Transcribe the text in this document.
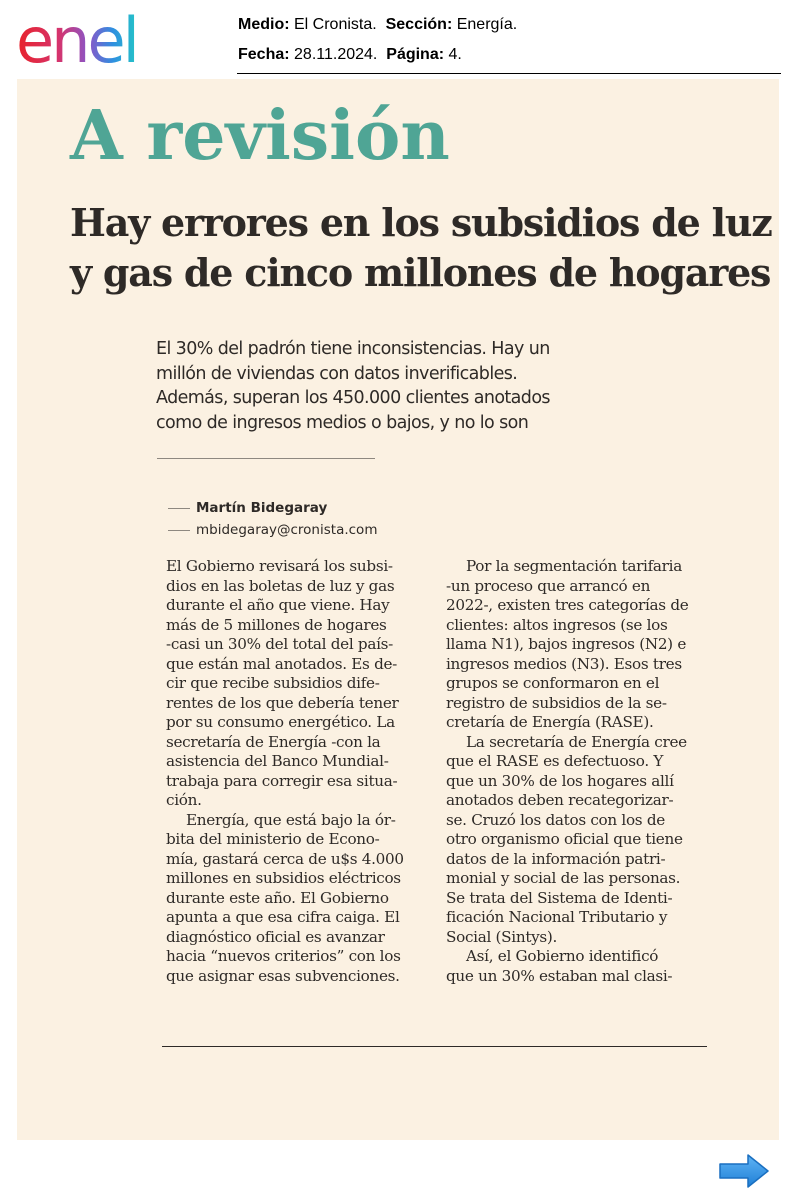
enel	Medio: El Cronista. Sección: Energía.
Fecha: 28.11.2024. Página: 4.
A revisión
Hay errores en los subsidios de luz
y gas de cinco millones de hogares
El 30% del padrón tiene inconsistencias. Hay un
millón de viviendas con datos inverificables.
Además, superan los 450.000 clientes anotados
como de ingresos medios o bajos, y no lo son
Martín Bidegaray
mbidegaray@cronista.com
El Gobierno revisará los subsi-
dios en las boletas de luz y gas
durante el año que viene. Hay
más de 5 millones de hogares
-casi un 30% del total del país-
que están mal anotados. Es de-
cir que recibe subsidios dife-
rentes de los que debería tener
por su consumo energético. La
secretaría de Energía -con la
asistencia del Banco Mundial-
trabaja para corregir esa situa-
ción.
Energía, que está bajo la ór-
bita del ministerio de Econo-
mía, gastará cerca de u$s 4.000
millones en subsidios eléctricos
durante este año. El Gobierno
apunta a que esa cifra caiga. El
diagnóstico oficial es avanzar
hacia “nuevos criterios” con los
que asignar esas subvenciones.
Por la segmentación tarifaria
-un proceso que arrancó en
2022-, existen tres categorías de
clientes: altos ingresos (se los
llama N1), bajos ingresos (N2) e
ingresos medios (N3). Esos tres
grupos se conformaron en el
registro de subsidios de la se-
cretaría de Energía (RASE).
La secretaría de Energía cree
que el RASE es defectuoso. Y
que un 30% de los hogares allí
anotados deben recategorizar-
se. Cruzó los datos con los de
otro organismo oficial que tiene
datos de la información patri-
monial y social de las personas.
Se trata del Sistema de Identi-
ficación Nacional Tributario y
Social (Sintys).
Así, el Gobierno identificó
que un 30% estaban mal clasi-
